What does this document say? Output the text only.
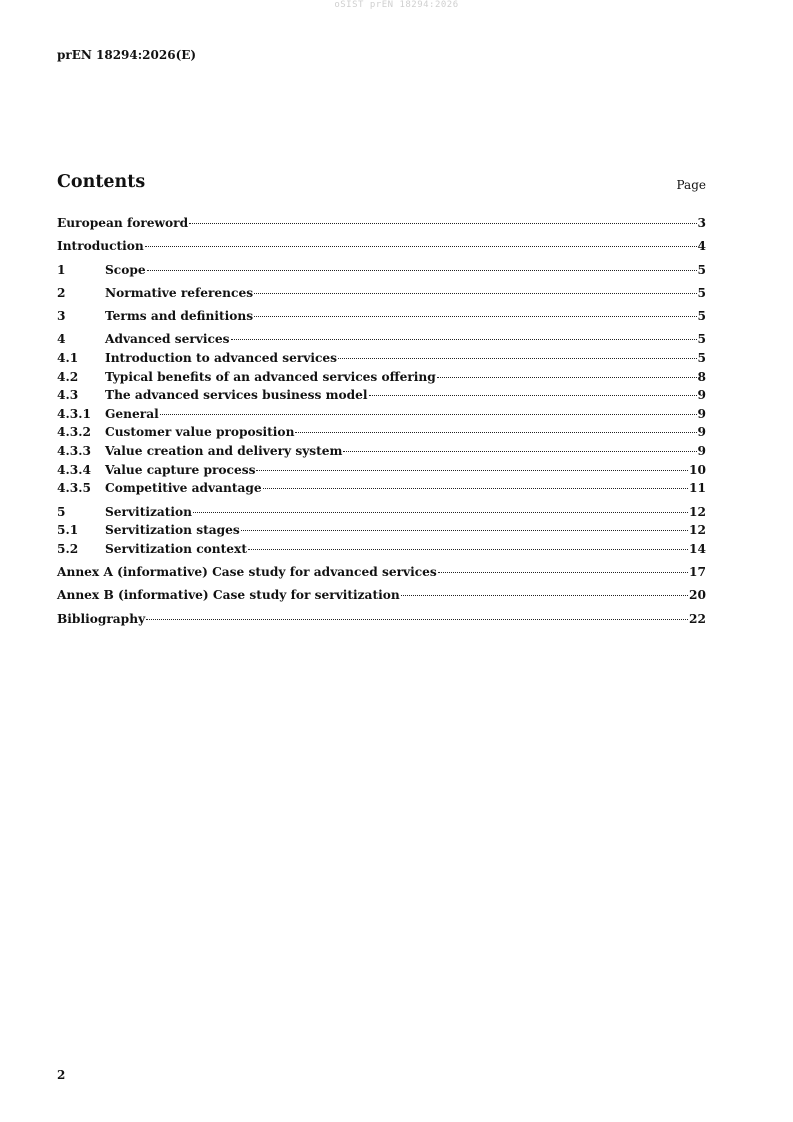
oSIST prEN 18294:2026
prEN 18294:2026(E)
Contents	Page
European foreword	3
Introduction	4
1	Scope	5
2	Normative references	5
3	Terms and definitions	5
4	Advanced services	5
4.1	Introduction to advanced services	5
4.2	Typical benefits of an advanced services offering	8
4.3	The advanced services business model	9
4.3.1	General	9
4.3.2	Customer value proposition	9
4.3.3	Value creation and delivery system	9
4.3.4	Value capture process	10
4.3.5	Competitive advantage	11
5	Servitization	12
5.1	Servitization stages	12
5.2	Servitization context	14
Annex A (informative) Case study for advanced services	17
Annex B (informative) Case study for servitization	20
Bibliography	22
2
